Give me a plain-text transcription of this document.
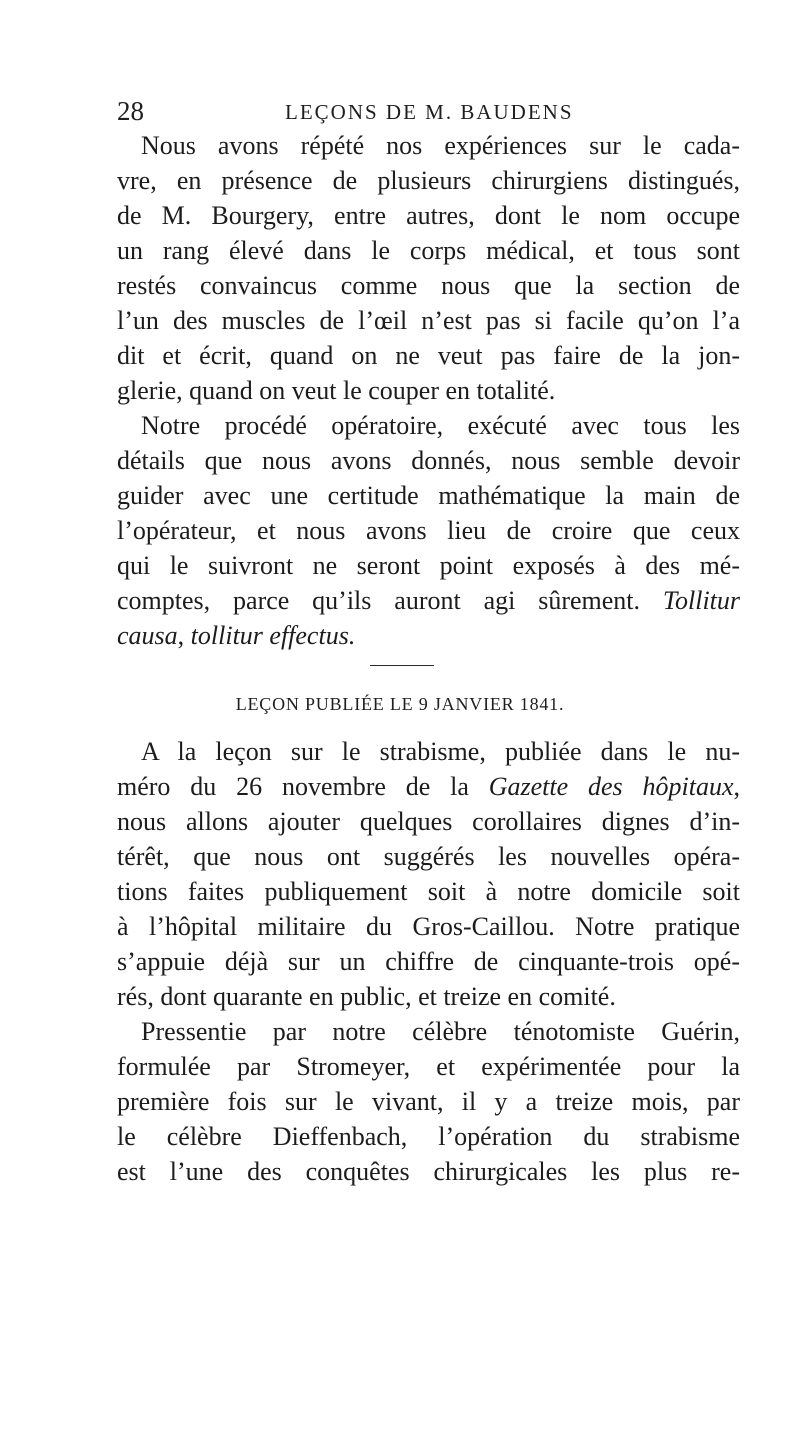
28	LEÇONS DE M. BAUDENS
Nous avons répété nos expériences sur le cada-
vre, en présence de plusieurs chirurgiens distingués,
de M. Bourgery, entre autres, dont le nom occupe
un rang élevé dans le corps médical, et tous sont
restés convaincus comme nous que la section de
l’un des muscles de l’œil n’est pas si facile qu’on l’a
dit et écrit, quand on ne veut pas faire de la jon-
glerie, quand on veut le couper en totalité.
Notre procédé opératoire, exécuté avec tous les
détails que nous avons donnés, nous semble devoir
guider avec une certitude mathématique la main de
l’opérateur, et nous avons lieu de croire que ceux
qui le suivront ne seront point exposés à des mé-
comptes, parce qu’ils auront agi sûrement. Tollitur
causa, tollitur effectus.
LEÇON PUBLIÉE LE 9 JANVIER 1841.
A la leçon sur le strabisme, publiée dans le nu-
méro du 26 novembre de la Gazette des hôpitaux,
nous allons ajouter quelques corollaires dignes d’in-
térêt, que nous ont suggérés les nouvelles opéra-
tions faites publiquement soit à notre domicile soit
à l’hôpital militaire du Gros-Caillou. Notre pratique
s’appuie déjà sur un chiffre de cinquante-trois opé-
rés, dont quarante en public, et treize en comité.
Pressentie par notre célèbre ténotomiste Guérin,
formulée par Stromeyer, et expérimentée pour la
première fois sur le vivant, il y a treize mois, par
le célèbre Dieffenbach, l’opération du strabisme
est l’une des conquêtes chirurgicales les plus re-
